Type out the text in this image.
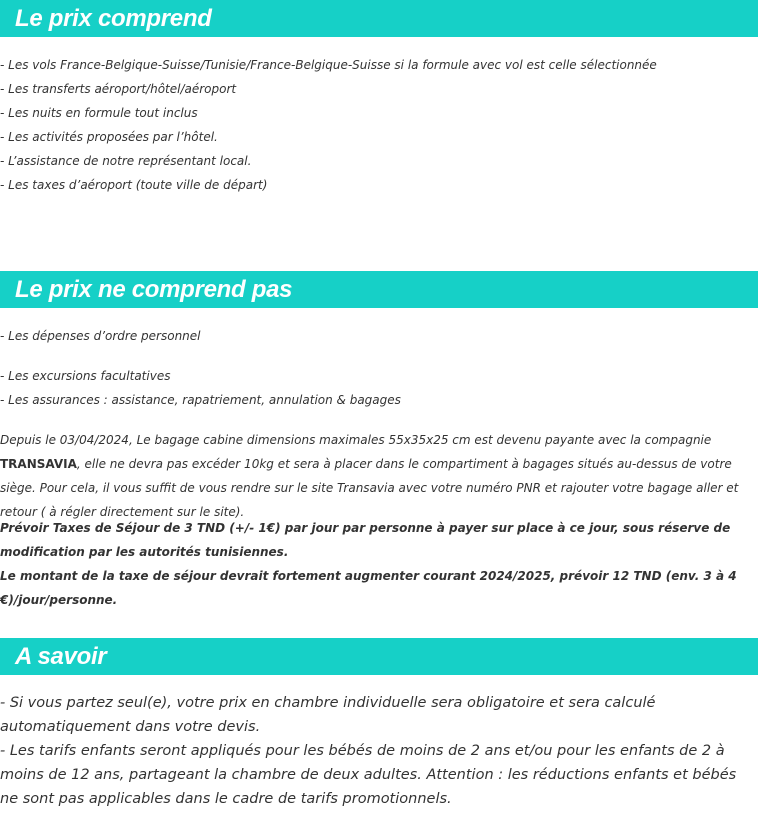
Le prix comprend

- Les vols France-Belgique-Suisse/Tunisie/France-Belgique-Suisse si la formule avec vol est celle sélectionnée

- Les transferts aéroport/hôtel/aéroport

- Les nuits en formule tout inclus

- Les activités proposées par l’hôtel.

- L’assistance de notre représentant local.

- Les taxes d’aéroport (toute ville de départ)

Le prix ne comprend pas

- Les dépenses d’ordre personnel

- Les excursions facultatives

- Les assurances : assistance, rapatriement, annulation & bagages

Depuis le 03/04/2024, Le bagage cabine dimensions maximales 55x35x25 cm est devenu payante avec la compagnie TRANSAVIA, elle ne devra pas excéder 10kg et sera à placer dans le compartiment à bagages situés au-dessus de votre siège. Pour cela, il vous suffit de vous rendre sur le site Transavia avec votre numéro PNR et rajouter votre bagage aller et retour ( à régler directement sur le site).

Prévoir Taxes de Séjour de 3 TND (+/- 1€) par jour par personne à payer sur place à ce jour, sous réserve de modification par les autorités tunisiennes.

Le montant de la taxe de séjour devrait fortement augmenter courant 2024/2025, prévoir 12 TND (env. 3 à 4 €)/jour/personne.

A savoir

- Si vous partez seul(e), votre prix en chambre individuelle sera obligatoire et sera calculé automatiquement dans votre devis.

- Les tarifs enfants seront appliqués pour les bébés de moins de 2 ans et/ou pour les enfants de 2 à moins de 12 ans, partageant la chambre de deux adultes. Attention : les réductions enfants et bébés ne sont pas applicables dans le cadre de tarifs promotionnels.
